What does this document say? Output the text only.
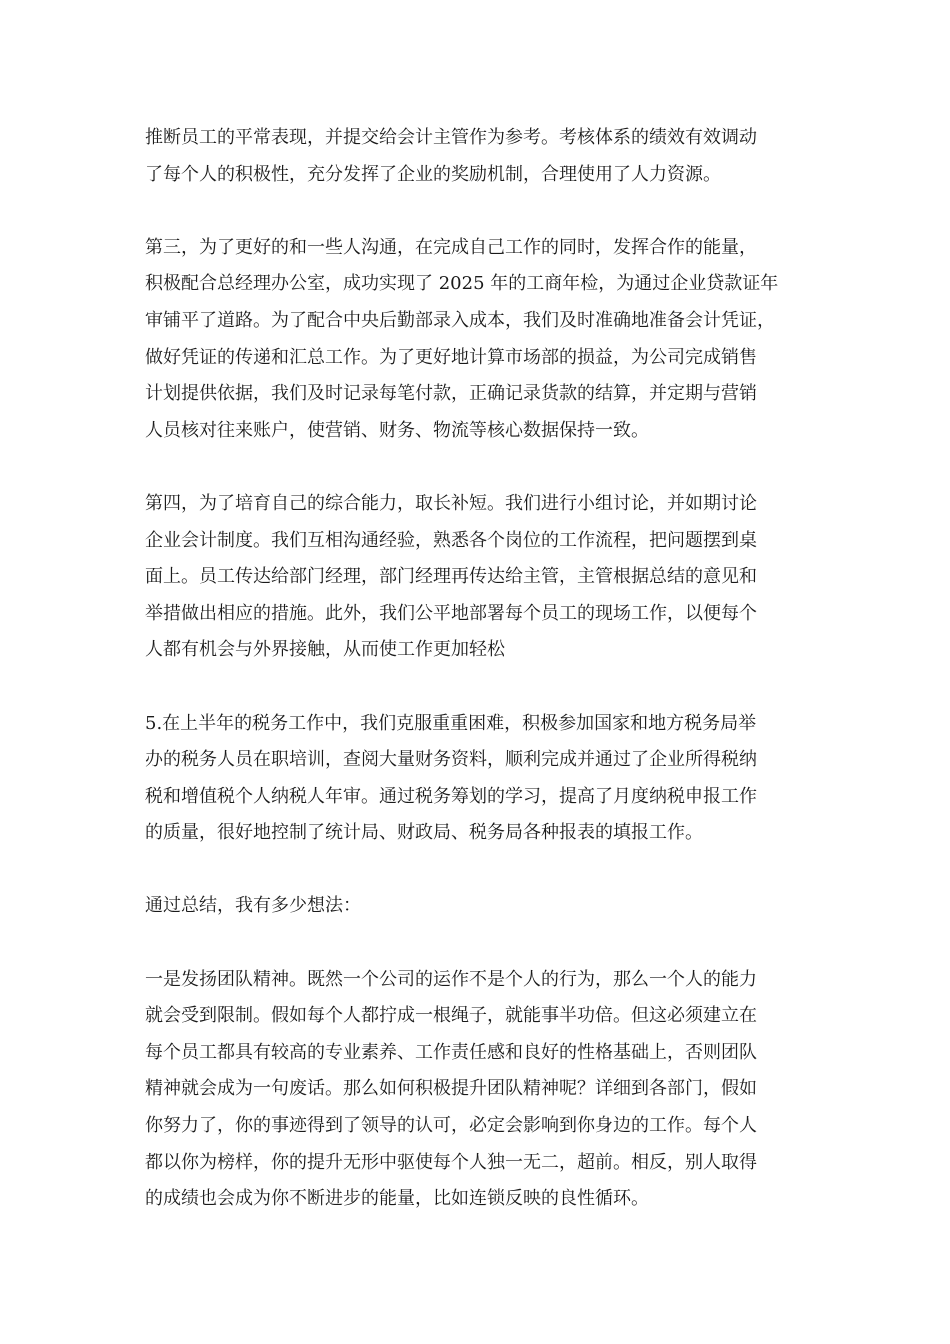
推断员工的平常表现，并提交给会计主管作为参考。考核体系的绩效有效调动
了每个人的积极性，充分发挥了企业的奖励机制，合理使用了人力资源。

第三，为了更好的和一些人沟通，在完成自己工作的同时，发挥合作的能量，
积极配合总经理办公室，成功实现了 2025 年的工商年检，为通过企业贷款证年
审铺平了道路。为了配合中央后勤部录入成本，我们及时准确地准备会计凭证，
做好凭证的传递和汇总工作。为了更好地计算市场部的损益，为公司完成销售
计划提供依据，我们及时记录每笔付款，正确记录货款的结算，并定期与营销
人员核对往来账户，使营销、财务、物流等核心数据保持一致。

第四，为了培育自己的综合能力，取长补短。我们进行小组讨论，并如期讨论
企业会计制度。我们互相沟通经验，熟悉各个岗位的工作流程，把问题摆到桌
面上。员工传达给部门经理，部门经理再传达给主管，主管根据总结的意见和
举措做出相应的措施。此外，我们公平地部署每个员工的现场工作，以便每个
人都有机会与外界接触，从而使工作更加轻松

5.在上半年的税务工作中，我们克服重重困难，积极参加国家和地方税务局举
办的税务人员在职培训，查阅大量财务资料，顺利完成并通过了企业所得税纳
税和增值税个人纳税人年审。通过税务筹划的学习，提高了月度纳税申报工作
的质量，很好地控制了统计局、财政局、税务局各种报表的填报工作。

通过总结，我有多少想法：

一是发扬团队精神。既然一个公司的运作不是个人的行为，那么一个人的能力
就会受到限制。假如每个人都拧成一根绳子，就能事半功倍。但这必须建立在
每个员工都具有较高的专业素养、工作责任感和良好的性格基础上，否则团队
精神就会成为一句废话。那么如何积极提升团队精神呢？详细到各部门，假如
你努力了，你的事迹得到了领导的认可，必定会影响到你身边的工作。每个人
都以你为榜样，你的提升无形中驱使每个人独一无二，超前。相反，别人取得
的成绩也会成为你不断进步的能量，比如连锁反映的良性循环。
